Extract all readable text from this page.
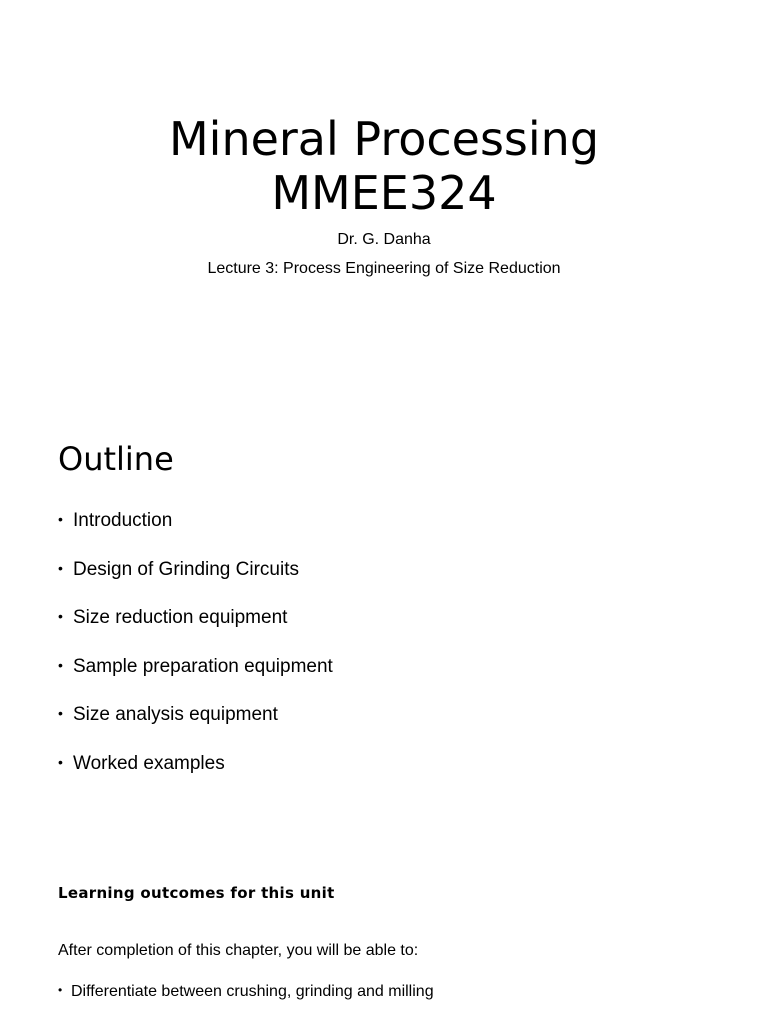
Mineral Processing
MMEE324
Dr. G. Danha
Lecture 3: Process Engineering of Size Reduction
Outline
• Introduction
• Design of Grinding Circuits
• Size reduction equipment
• Sample preparation equipment
• Size analysis equipment
• Worked examples
Learning outcomes for this unit
After completion of this chapter, you will be able to:
• Differentiate between crushing, grinding and milling
